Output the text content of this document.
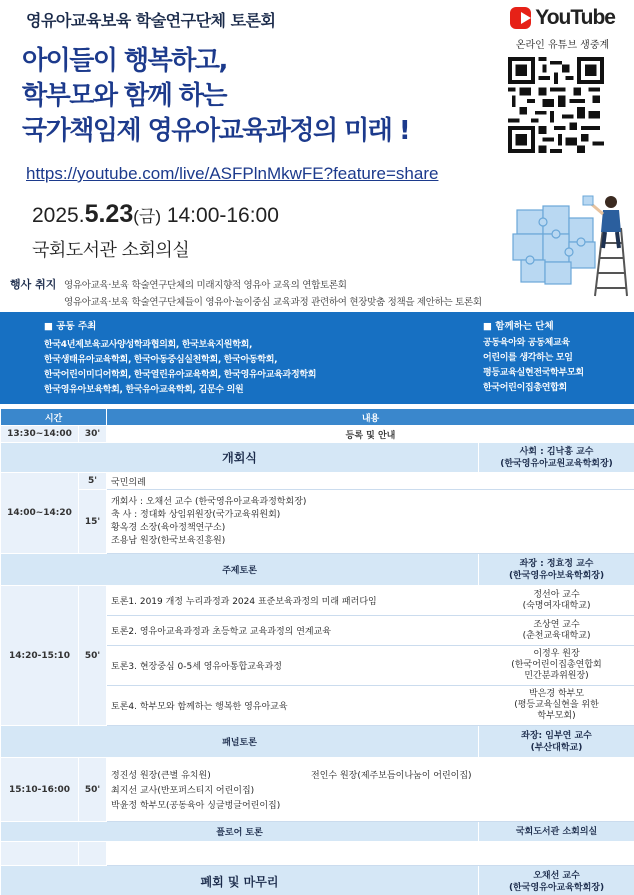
영유아교육보육 학술연구단체 토론회
아이들이 행복하고,
학부모와 함께 하는
국가책임제 영유아교육과정의 미래 !
YouTube
온라인 유튜브 생중계
https://youtube.com/live/ASFPlnMkwFE?feature=share
2025.5.23(금) 14:00-16:00
국회도서관 소회의실
행사 취지 영유아교육·보육 학술연구단체의 미래지향적 영유아 교육의 연합토론회
영유아교육·보육 학술연구단체들이 영유아·놀이중심 교육과정 관련하여 현장맞춤 정책을 제안하는 토론회
■ 공동 주최
한국4년제보육교사양성학과협의회, 한국보육지원학회,
한국생태유아교육학회, 한국아동중심실천학회, 한국아동학회,
한국어린이미디어학회, 한국열린유아교육학회, 한국영유아교육과정학회
한국영유아보육학회, 한국유아교육학회, 김문수 의원
■ 함께하는 단체
공동육아와 공동체교육
어린이를 생각하는 모임
평등교육실현전국학부모회
한국어린이집총연합회
시간		내용	
13:30~14:00	30'	등록 및 안내	
개회식			사회 : 김낙흥 교수
(한국영유아교원교육학회장)
14:00~14:20	5'	국민의례	
	15'	개회사 : 오채선 교수 (한국영유아교육과정학회장)
축 사 : 정대화 상임위원장(국가교육위원회)
황옥경 소장(육아정책연구소)
조용남 원장(한국보육진흥원)	

주제토론			좌장 : 정효정 교수
(한국영유아보육학회장)
14:20-15:10	50'	토론1. 2019 개정 누리과정과 2024 표준보육과정의 미래 패러다임	정선아 교수
(숙명여자대학교)
		토론2. 영유아교육과정과 초등학교 교육과정의 연계교육	조상연 교수
(춘천교육대학교)
		토론3. 현장중심 0-5세 영유아통합교육과정	이정우 원장
(한국어린이집총연합회
민간분과위원장)
		토론4. 학부모와 함께하는 행복한 영유아교육	박은경 학부모
(평등교육실현을 위한
학부모회)
패널토론			좌장: 임부연 교수
(부산대학교)
15:10-16:00	50'	정진성 원장(큰별 유치원) 전인수 원장(제주보듬이나눔이 어린이집)
최지선 교사(반포퍼스티지 어린이집)
박윤정 학부모(공동육아 싱글벙글어린이집)	

플로어 토론			국회도서관 소회의실

폐회 및 마무리			오채선 교수
(한국영유아교육학회장)
